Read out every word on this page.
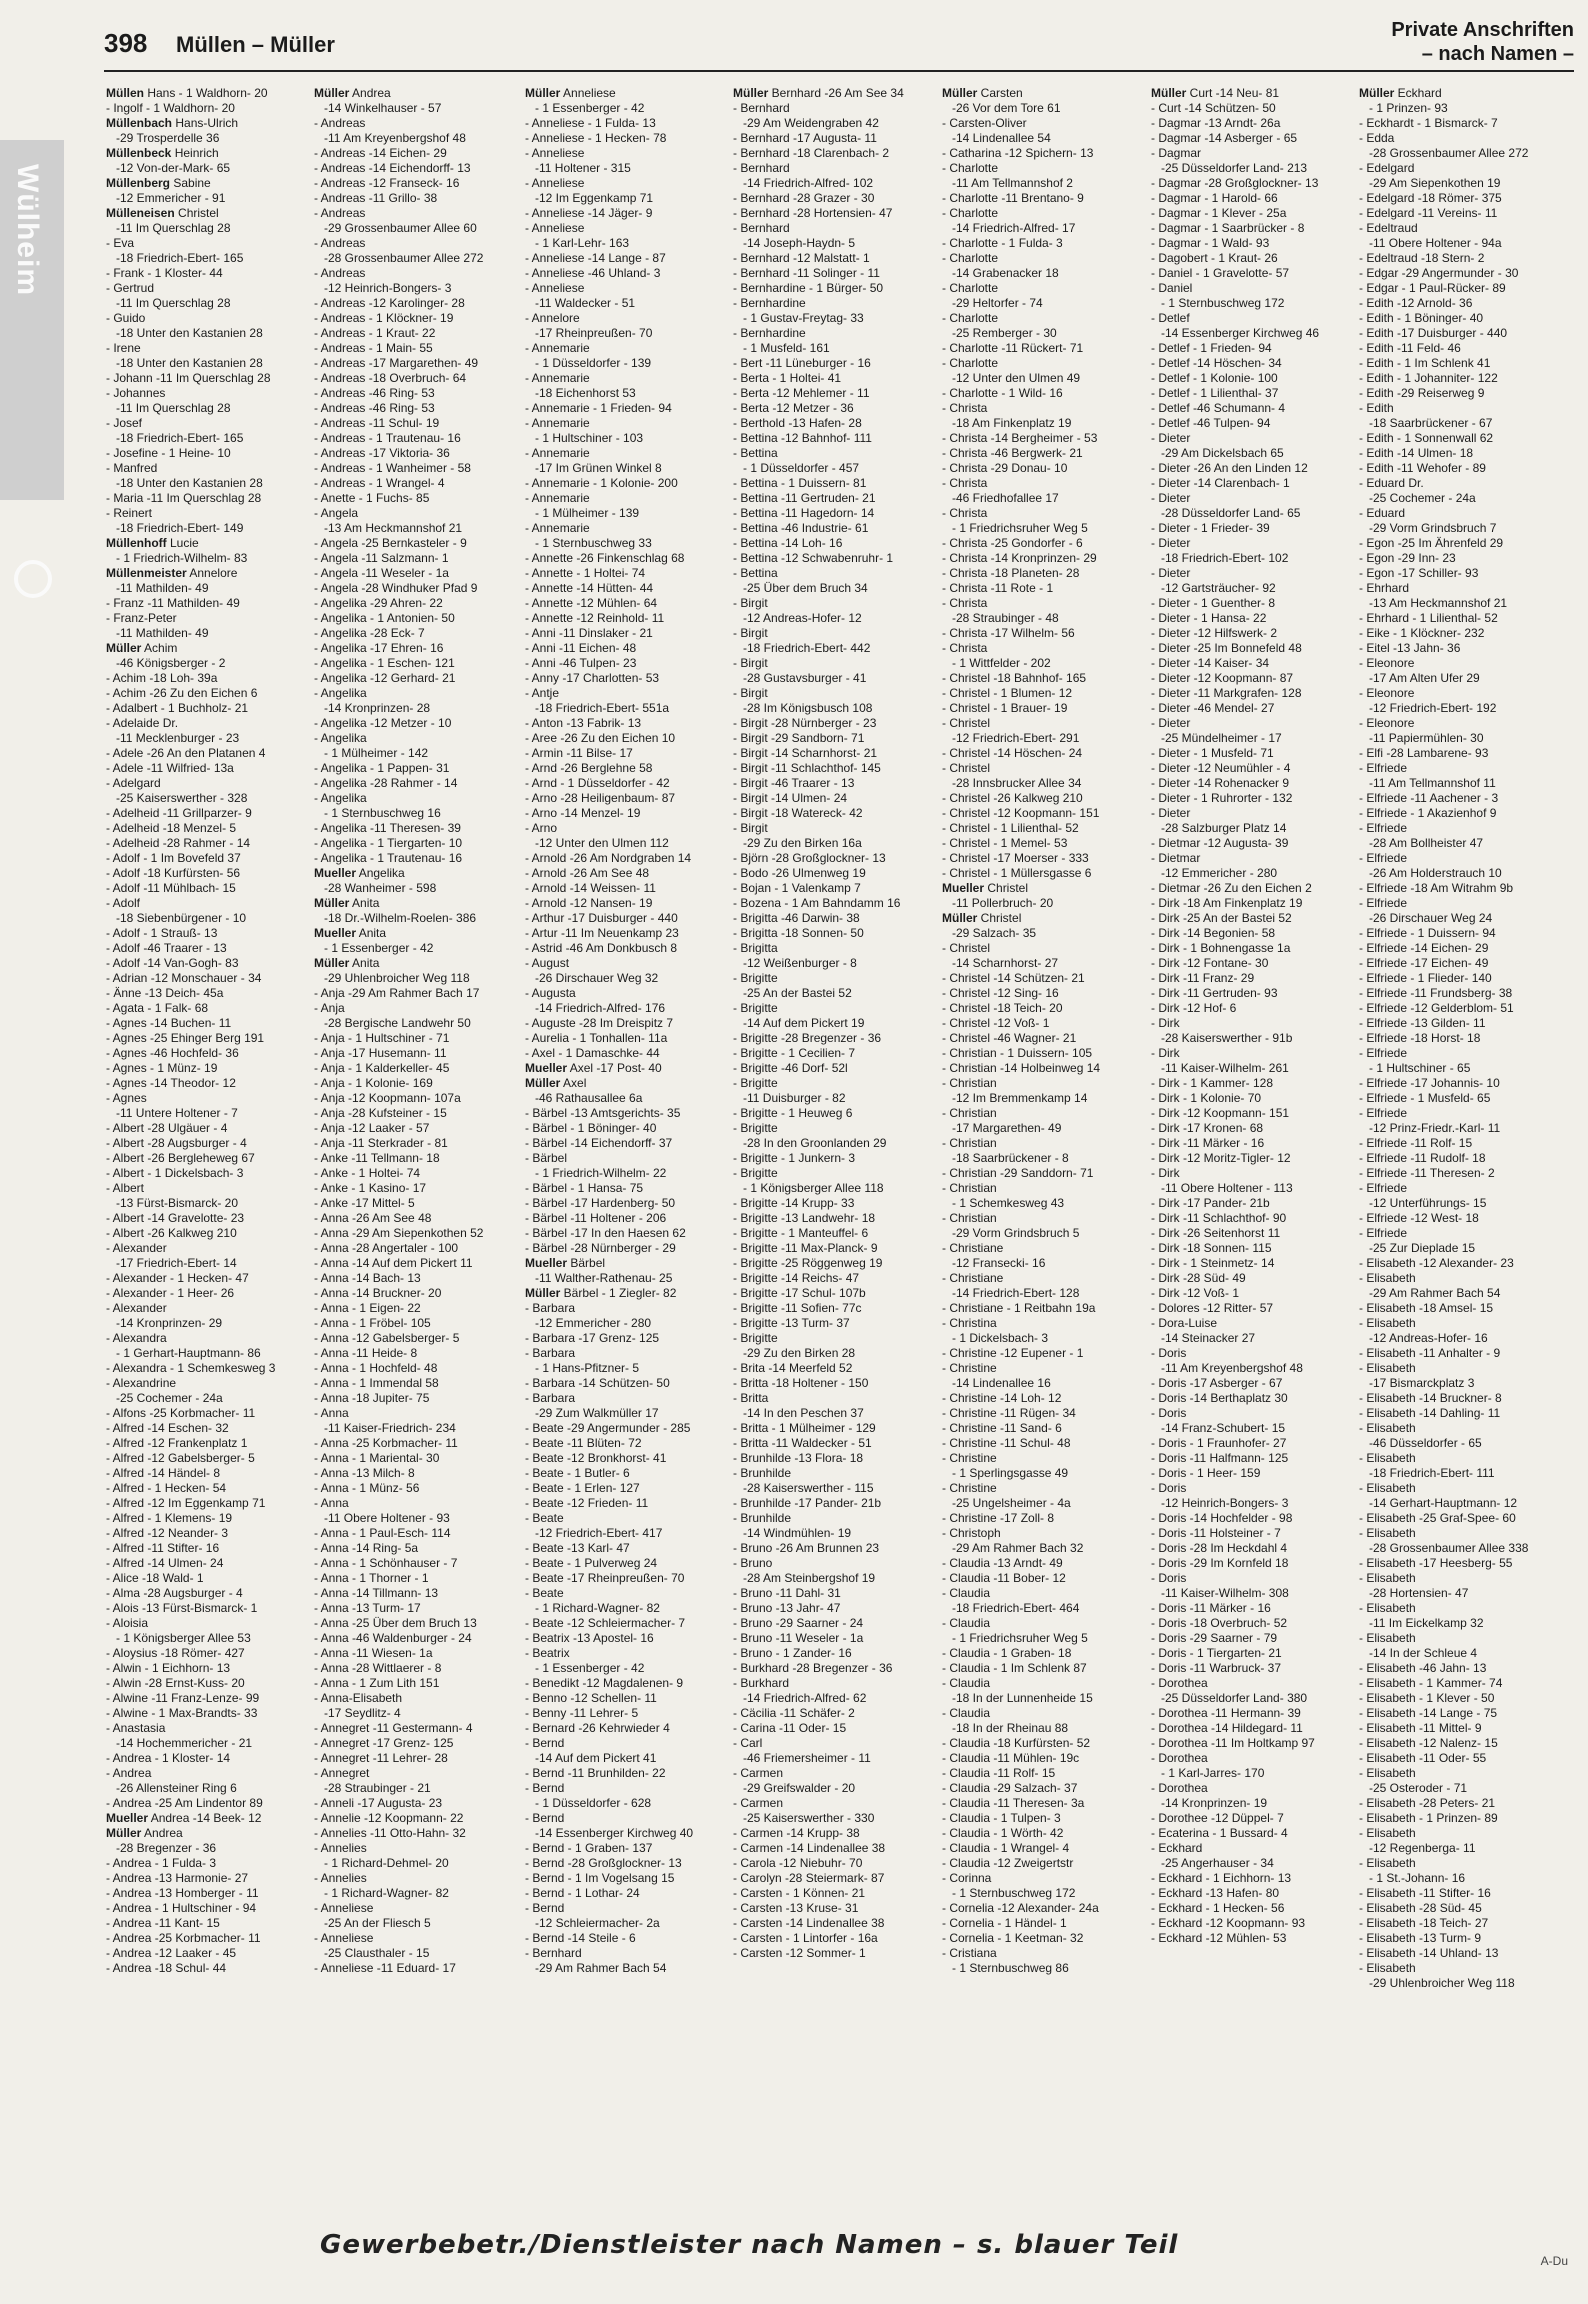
398 Müllen – Müller
Private Anschriften
– nach Namen –
Wülheim
Müllen Hans - 1 Waldhorn- 20
- Ingolf - 1 Waldhorn- 20
Müllenbach Hans-Ulrich
-29 Trosperdelle 36
Müllenbeck Heinrich
-12 Von-der-Mark- 65
Müllenberg Sabine
-12 Emmericher - 91
Mülleneisen Christel
-11 Im Querschlag 28
- Eva
-18 Friedrich-Ebert- 165
- Frank - 1 Kloster- 44
- Gertrud
-11 Im Querschlag 28
- Guido
-18 Unter den Kastanien 28
- Irene
-18 Unter den Kastanien 28
- Johann -11 Im Querschlag 28
- Johannes
-11 Im Querschlag 28
- Josef
-18 Friedrich-Ebert- 165
- Josefine - 1 Heine- 10
- Manfred
-18 Unter den Kastanien 28
- Maria -11 Im Querschlag 28
- Reinert
-18 Friedrich-Ebert- 149
Müllenhoff Lucie
- 1 Friedrich-Wilhelm- 83
Müllenmeister Annelore
-11 Mathilden- 49
- Franz -11 Mathilden- 49
- Franz-Peter
-11 Mathilden- 49
Müller Achim
-46 Königsberger - 2
- Achim -18 Loh- 39a
- Achim -26 Zu den Eichen 6
- Adalbert - 1 Buchholz- 21
- Adelaide Dr.
-11 Mecklenburger - 23
- Adele -26 An den Platanen 4
- Adele -11 Wilfried- 13a
- Adelgard
-25 Kaiserswerther - 328
- Adelheid -11 Grillparzer- 9
- Adelheid -18 Menzel- 5
- Adelheid -28 Rahmer - 14
- Adolf - 1 Im Bovefeld 37
- Adolf -18 Kurfürsten- 56
- Adolf -11 Mühlbach- 15
- Adolf
-18 Siebenbürgener - 10
- Adolf - 1 Strauß- 13
- Adolf -46 Traarer - 13
- Adolf -14 Van-Gogh- 83
- Adrian -12 Monschauer - 34
- Änne -13 Deich- 45a
- Agata - 1 Falk- 68
- Agnes -14 Buchen- 11
- Agnes -25 Ehinger Berg 191
- Agnes -46 Hochfeld- 36
- Agnes - 1 Münz- 19
- Agnes -14 Theodor- 12
- Agnes
-11 Untere Holtener - 7
- Albert -28 Ulgäuer - 4
- Albert -28 Augsburger - 4
- Albert -26 Bergleheweg 67
- Albert - 1 Dickelsbach- 3
- Albert
-13 Fürst-Bismarck- 20
- Albert -14 Gravelotte- 23
- Albert -26 Kalkweg 210
- Alexander
-17 Friedrich-Ebert- 14
- Alexander - 1 Hecken- 47
- Alexander - 1 Heer- 26
- Alexander
-14 Kronprinzen- 29
- Alexandra
- 1 Gerhart-Hauptmann- 86
- Alexandra - 1 Schemkesweg 3
- Alexandrine
-25 Cochemer - 24a
- Alfons -25 Korbmacher- 11
- Alfred -14 Eschen- 32
- Alfred -12 Frankenplatz 1
- Alfred -12 Gabelsberger- 5
- Alfred -14 Händel- 8
- Alfred - 1 Hecken- 54
- Alfred -12 Im Eggenkamp 71
- Alfred - 1 Klemens- 19
- Alfred -12 Neander- 3
- Alfred -11 Stifter- 16
- Alfred -14 Ulmen- 24
- Alice -18 Wald- 1
- Alma -28 Augsburger - 4
- Alois -13 Fürst-Bismarck- 1
- Aloisia
- 1 Königsberger Allee 53
- Aloysius -18 Römer- 427
- Alwin - 1 Eichhorn- 13
- Alwin -28 Ernst-Kuss- 20
- Alwine -11 Franz-Lenze- 99
- Alwine - 1 Max-Brandts- 33
- Anastasia
-14 Hochemmericher - 21
- Andrea - 1 Kloster- 14
- Andrea
-26 Allensteiner Ring 6
- Andrea -25 Am Lindentor 89
Mueller Andrea -14 Beek- 12
Müller Andrea
-28 Bregenzer - 36
- Andrea - 1 Fulda- 3
- Andrea -13 Harmonie- 27
- Andrea -13 Homberger - 11
- Andrea - 1 Hultschiner - 94
- Andrea -11 Kant- 15
- Andrea -25 Korbmacher- 11
- Andrea -12 Laaker - 45
- Andrea -18 Schul- 44
Müller Andrea
-14 Winkelhauser - 57
- Andreas
-11 Am Kreyenbergshof 48
- Andreas -14 Eichen- 29
- Andreas -14 Eichendorff- 13
- Andreas -12 Franseck- 16
- Andreas -11 Grillo- 38
- Andreas
-29 Grossenbaumer Allee 60
- Andreas
-28 Grossenbaumer Allee 272
- Andreas
-12 Heinrich-Bongers- 3
- Andreas -12 Karolinger- 28
- Andreas - 1 Klöckner- 19
- Andreas - 1 Kraut- 22
- Andreas - 1 Main- 55
- Andreas -17 Margarethen- 49
- Andreas -18 Overbruch- 64
- Andreas -46 Ring- 53
- Andreas -46 Ring- 53
- Andreas -11 Schul- 19
- Andreas - 1 Trautenau- 16
- Andreas -17 Viktoria- 36
- Andreas - 1 Wanheimer - 58
- Andreas - 1 Wrangel- 4
- Anette - 1 Fuchs- 85
- Angela
-13 Am Heckmannshof 21
- Angela -25 Bernkasteler - 9
- Angela -11 Salzmann- 1
- Angela -11 Weseler - 1a
- Angela -28 Windhuker Pfad 9
- Angelika -29 Ahren- 22
- Angelika - 1 Antonien- 50
- Angelika -28 Eck- 7
- Angelika -17 Ehren- 16
- Angelika - 1 Eschen- 121
- Angelika -12 Gerhard- 21
- Angelika
-14 Kronprinzen- 28
- Angelika -12 Metzer - 10
- Angelika
- 1 Mülheimer - 142
- Angelika - 1 Pappen- 31
- Angelika -28 Rahmer - 14
- Angelika
- 1 Sternbuschweg 16
- Angelika -11 Theresen- 39
- Angelika - 1 Tiergarten- 10
- Angelika - 1 Trautenau- 16
Mueller Angelika
-28 Wanheimer - 598
Müller Anita
-18 Dr.-Wilhelm-Roelen- 386
Mueller Anita
- 1 Essenberger - 42
Müller Anita
-29 Uhlenbroicher Weg 118
- Anja -29 Am Rahmer Bach 17
- Anja
-28 Bergische Landwehr 50
- Anja - 1 Hultschiner - 71
- Anja -17 Husemann- 11
- Anja - 1 Kalderkeller- 45
- Anja - 1 Kolonie- 169
- Anja -12 Koopmann- 107a
- Anja -28 Kufsteiner - 15
- Anja -12 Laaker - 57
- Anja -11 Sterkrader - 81
- Anke -11 Tellmann- 18
- Anke - 1 Holtei- 74
- Anke - 1 Kasino- 17
- Anke -17 Mittel- 5
- Anna -26 Am See 48
- Anna -29 Am Siepenkothen 52
- Anna -28 Angertaler - 100
- Anna -14 Auf dem Pickert 11
- Anna -14 Bach- 13
- Anna -14 Bruckner- 20
- Anna - 1 Eigen- 22
- Anna - 1 Fröbel- 105
- Anna -12 Gabelsberger- 5
- Anna -11 Heide- 8
- Anna - 1 Hochfeld- 48
- Anna - 1 Immendal 58
- Anna -18 Jupiter- 75
- Anna
-11 Kaiser-Friedrich- 234
- Anna -25 Korbmacher- 11
- Anna - 1 Mariental- 30
- Anna -13 Milch- 8
- Anna - 1 Münz- 56
- Anna
-11 Obere Holtener - 93
- Anna - 1 Paul-Esch- 114
- Anna -14 Ring- 5a
- Anna - 1 Schönhauser - 7
- Anna - 1 Thorner - 1
- Anna -14 Tillmann- 13
- Anna -13 Turm- 17
- Anna -25 Über dem Bruch 13
- Anna -46 Waldenburger - 24
- Anna -11 Wiesen- 1a
- Anna -28 Wittlaerer - 8
- Anna - 1 Zum Lith 151
- Anna-Elisabeth
-17 Seydlitz- 4
- Annegret -11 Gestermann- 4
- Annegret -17 Grenz- 125
- Annegret -11 Lehrer- 28
- Annegret
-28 Straubinger - 21
- Anneli -17 Augusta- 23
- Annelie -12 Koopmann- 22
- Annelies -11 Otto-Hahn- 32
- Annelies
- 1 Richard-Dehmel- 20
- Annelies
- 1 Richard-Wagner- 82
- Anneliese
-25 An der Fliesch 5
- Anneliese
-25 Clausthaler - 15
- Anneliese -11 Eduard- 17
Müller Anneliese
- 1 Essenberger - 42
- Anneliese - 1 Fulda- 13
- Anneliese - 1 Hecken- 78
- Anneliese
-11 Holtener - 315
- Anneliese
-12 Im Eggenkamp 71
- Anneliese -14 Jäger- 9
- Anneliese
- 1 Karl-Lehr- 163
- Anneliese -14 Lange - 87
- Anneliese -46 Uhland- 3
- Anneliese
-11 Waldecker - 51
- Annelore
-17 Rheinpreußen- 70
- Annemarie
- 1 Düsseldorfer - 139
- Annemarie
-18 Eichenhorst 53
- Annemarie - 1 Frieden- 94
- Annemarie
- 1 Hultschiner - 103
- Annemarie
-17 Im Grünen Winkel 8
- Annemarie - 1 Kolonie- 200
- Annemarie
- 1 Mülheimer - 139
- Annemarie
- 1 Sternbuschweg 33
- Annette -26 Finkenschlag 68
- Annette - 1 Holtei- 74
- Annette -14 Hütten- 44
- Annette -12 Mühlen- 64
- Annette -12 Reinhold- 11
- Anni -11 Dinslaker - 21
- Anni -11 Eichen- 48
- Anni -46 Tulpen- 23
- Anny -17 Charlotten- 53
- Antje
-18 Friedrich-Ebert- 551a
- Anton -13 Fabrik- 13
- Aree -26 Zu den Eichen 10
- Armin -11 Bilse- 17
- Arnd -26 Berglehne 58
- Arnd - 1 Düsseldorfer - 42
- Arno -28 Heiligenbaum- 87
- Arno -14 Menzel- 19
- Arno
-12 Unter den Ulmen 112
- Arnold -26 Am Nordgraben 14
- Arnold -26 Am See 48
- Arnold -14 Weissen- 11
- Arnold -12 Nansen- 19
- Arthur -17 Duisburger - 440
- Artur -11 Im Neuenkamp 23
- Astrid -46 Am Donkbusch 8
- August
-26 Dirschauer Weg 32
- Augusta
-14 Friedrich-Alfred- 176
- Auguste -28 Im Dreispitz 7
- Aurelia - 1 Tonhallen- 11a
- Axel - 1 Damaschke- 44
Mueller Axel -17 Post- 40
Müller Axel
-46 Rathausallee 6a
- Bärbel -13 Amtsgerichts- 35
- Bärbel - 1 Böninger- 40
- Bärbel -14 Eichendorff- 37
- Bärbel
- 1 Friedrich-Wilhelm- 22
- Bärbel - 1 Hansa- 75
- Bärbel -17 Hardenberg- 50
- Bärbel -11 Holtener - 206
- Bärbel -17 In den Haesen 62
- Bärbel -28 Nürnberger - 29
Mueller Bärbel
-11 Walther-Rathenau- 25
Müller Bärbel - 1 Ziegler- 82
- Barbara
-12 Emmericher - 280
- Barbara -17 Grenz- 125
- Barbara
- 1 Hans-Pfitzner- 5
- Barbara -14 Schützen- 50
- Barbara
-29 Zum Walkmüller 17
- Beate -29 Angermunder - 285
- Beate -11 Blüten- 72
- Beate -12 Bronkhorst- 41
- Beate - 1 Butler- 6
- Beate - 1 Erlen- 127
- Beate -12 Frieden- 11
- Beate
-12 Friedrich-Ebert- 417
- Beate -13 Karl- 47
- Beate - 1 Pulverweg 24
- Beate -17 Rheinpreußen- 70
- Beate
- 1 Richard-Wagner- 82
- Beate -12 Schleiermacher- 7
- Beatrix -13 Apostel- 16
- Beatrix
- 1 Essenberger - 42
- Benedikt -12 Magdalenen- 9
- Benno -12 Schellen- 11
- Benny -11 Lehrer- 5
- Bernard -26 Kehrwieder 4
- Bernd
-14 Auf dem Pickert 41
- Bernd -11 Brunhilden- 22
- Bernd
- 1 Düsseldorfer - 628
- Bernd
-14 Essenberger Kirchweg 40
- Bernd - 1 Graben- 137
- Bernd -28 Großglockner- 13
- Bernd - 1 Im Vogelsang 15
- Bernd - 1 Lothar- 24
- Bernd
-12 Schleiermacher- 2a
- Bernd -14 Steile - 6
- Bernhard
-29 Am Rahmer Bach 54
Müller Bernhard -26 Am See 34
- Bernhard
-29 Am Weidengraben 42
- Bernhard -17 Augusta- 11
- Bernhard -18 Clarenbach- 2
- Bernhard
-14 Friedrich-Alfred- 102
- Bernhard -28 Grazer - 30
- Bernhard -28 Hortensien- 47
- Bernhard
-14 Joseph-Haydn- 5
- Bernhard -12 Malstatt- 1
- Bernhard -11 Solinger - 11
- Bernhardine - 1 Bürger- 50
- Bernhardine
- 1 Gustav-Freytag- 33
- Bernhardine
- 1 Musfeld- 161
- Bert -11 Lüneburger - 16
- Berta - 1 Holtei- 41
- Berta -12 Mehlemer - 11
- Berta -12 Metzer - 36
- Berthold -13 Hafen- 28
- Bettina -12 Bahnhof- 111
- Bettina
- 1 Düsseldorfer - 457
- Bettina - 1 Duissern- 81
- Bettina -11 Gertruden- 21
- Bettina -11 Hagedorn- 14
- Bettina -46 Industrie- 61
- Bettina -14 Loh- 16
- Bettina -12 Schwabenruhr- 1
- Bettina
-25 Über dem Bruch 34
- Birgit
-12 Andreas-Hofer- 12
- Birgit
-18 Friedrich-Ebert- 442
- Birgit
-28 Gustavsburger - 41
- Birgit
-28 Im Königsbusch 108
- Birgit -28 Nürnberger - 23
- Birgit -29 Sandborn- 71
- Birgit -14 Scharnhorst- 21
- Birgit -11 Schlachthof- 145
- Birgit -46 Traarer - 13
- Birgit -14 Ulmen- 24
- Birgit -18 Watereck- 42
- Birgit
-29 Zu den Birken 16a
- Björn -28 Großglockner- 13
- Bodo -26 Ulmenweg 19
- Bojan - 1 Valenkamp 7
- Bozena - 1 Am Bahndamm 16
- Brigitta -46 Darwin- 38
- Brigitta -18 Sonnen- 50
- Brigitta
-12 Weißenburger - 8
- Brigitte
-25 An der Bastei 52
- Brigitte
-14 Auf dem Pickert 19
- Brigitte -28 Bregenzer - 36
- Brigitte - 1 Cecilien- 7
- Brigitte -46 Dorf- 52l
- Brigitte
-11 Duisburger - 82
- Brigitte - 1 Heuweg 6
- Brigitte
-28 In den Groonlanden 29
- Brigitte - 1 Junkern- 3
- Brigitte
- 1 Königsberger Allee 118
- Brigitte -14 Krupp- 33
- Brigitte -13 Landwehr- 18
- Brigitte - 1 Manteuffel- 6
- Brigitte -11 Max-Planck- 9
- Brigitte -25 Röggenweg 19
- Brigitte -14 Reichs- 47
- Brigitte -17 Schul- 107b
- Brigitte -11 Sofien- 77c
- Brigitte -13 Turm- 37
- Brigitte
-29 Zu den Birken 28
- Brita -14 Meerfeld 52
- Britta -18 Holtener - 150
- Britta
-14 In den Peschen 37
- Britta - 1 Mülheimer - 129
- Britta -11 Waldecker - 51
- Brunhilde -13 Flora- 18
- Brunhilde
-28 Kaiserswerther - 115
- Brunhilde -17 Pander- 21b
- Brunhilde
-14 Windmühlen- 19
- Bruno -26 Am Brunnen 23
- Bruno
-28 Am Steinbergshof 19
- Bruno -11 Dahl- 31
- Bruno -13 Jahr- 47
- Bruno -29 Saarner - 24
- Bruno -11 Weseler - 1a
- Bruno - 1 Zander- 16
- Burkhard -28 Bregenzer - 36
- Burkhard
-14 Friedrich-Alfred- 62
- Cäcilia -11 Schäfer- 2
- Carina -11 Oder- 15
- Carl
-46 Friemersheimer - 11
- Carmen
-29 Greifswalder - 20
- Carmen
-25 Kaiserswerther - 330
- Carmen -14 Krupp- 38
- Carmen -14 Lindenallee 38
- Carola -12 Niebuhr- 70
- Carolyn -28 Steiermark- 87
- Carsten - 1 Können- 21
- Carsten -13 Kruse- 31
- Carsten -14 Lindenallee 38
- Carsten - 1 Lintorfer - 16a
- Carsten -12 Sommer- 1
Müller Carsten
-26 Vor dem Tore 61
- Carsten-Oliver
-14 Lindenallee 54
- Catharina -12 Spichern- 13
- Charlotte
-11 Am Tellmannshof 2
- Charlotte -11 Brentano- 9
- Charlotte
-14 Friedrich-Alfred- 17
- Charlotte - 1 Fulda- 3
- Charlotte
-14 Grabenacker 18
- Charlotte
-29 Heltorfer - 74
- Charlotte
-25 Remberger - 30
- Charlotte -11 Rückert- 71
- Charlotte
-12 Unter den Ulmen 49
- Charlotte - 1 Wild- 16
- Christa
-18 Am Finkenplatz 19
- Christa -14 Bergheimer - 53
- Christa -46 Bergwerk- 21
- Christa -29 Donau- 10
- Christa
-46 Friedhofallee 17
- Christa
- 1 Friedrichsruher Weg 5
- Christa -25 Gondorfer - 6
- Christa -14 Kronprinzen- 29
- Christa -18 Planeten- 28
- Christa -11 Rote - 1
- Christa
-28 Straubinger - 48
- Christa -17 Wilhelm- 56
- Christa
- 1 Wittfelder - 202
- Christel -18 Bahnhof- 165
- Christel - 1 Blumen- 12
- Christel - 1 Brauer- 19
- Christel
-12 Friedrich-Ebert- 291
- Christel -14 Höschen- 24
- Christel
-28 Innsbrucker Allee 34
- Christel -26 Kalkweg 210
- Christel -12 Koopmann- 151
- Christel - 1 Lilienthal- 52
- Christel - 1 Memel- 53
- Christel -17 Moerser - 333
- Christel - 1 Müllersgasse 6
Mueller Christel
-11 Pollerbruch- 20
Müller Christel
-29 Salzach- 35
- Christel
-14 Scharnhorst- 27
- Christel -14 Schützen- 21
- Christel -12 Sing- 16
- Christel -18 Teich- 20
- Christel -12 Voß- 1
- Christel -46 Wagner- 21
- Christian - 1 Duissern- 105
- Christian -14 Holbeinweg 14
- Christian
-12 Im Bremmenkamp 14
- Christian
-17 Margarethen- 49
- Christian
-18 Saarbrückener - 8
- Christian -29 Sanddorn- 71
- Christian
- 1 Schemkesweg 43
- Christian
-29 Vorm Grindsbruch 5
- Christiane
-12 Fransecki- 16
- Christiane
-14 Friedrich-Ebert- 128
- Christiane - 1 Reitbahn 19a
- Christina
- 1 Dickelsbach- 3
- Christine -12 Eupener - 1
- Christine
-14 Lindenallee 16
- Christine -14 Loh- 12
- Christine -11 Rügen- 34
- Christine -11 Sand- 6
- Christine -11 Schul- 48
- Christine
- 1 Sperlingsgasse 49
- Christine
-25 Ungelsheimer - 4a
- Christine -17 Zoll- 8
- Christoph
-29 Am Rahmer Bach 32
- Claudia -13 Arndt- 49
- Claudia -11 Bober- 12
- Claudia
-18 Friedrich-Ebert- 464
- Claudia
- 1 Friedrichsruher Weg 5
- Claudia - 1 Graben- 18
- Claudia - 1 Im Schlenk 87
- Claudia
-18 In der Lunnenheide 15
- Claudia
-18 In der Rheinau 88
- Claudia -18 Kurfürsten- 52
- Claudia -11 Mühlen- 19c
- Claudia -11 Rolf- 15
- Claudia -29 Salzach- 37
- Claudia -11 Theresen- 3a
- Claudia - 1 Tulpen- 3
- Claudia - 1 Wörth- 42
- Claudia - 1 Wrangel- 4
- Claudia -12 Zweigertstr
- Corinna
- 1 Sternbuschweg 172
- Cornelia -12 Alexander- 24a
- Cornelia - 1 Händel- 1
- Cornelia - 1 Keetman- 32
- Cristiana
- 1 Sternbuschweg 86
Müller Curt -14 Neu- 81
- Curt -14 Schützen- 50
- Dagmar -13 Arndt- 26a
- Dagmar -14 Asberger - 65
- Dagmar
-25 Düsseldorfer Land- 213
- Dagmar -28 Großglockner- 13
- Dagmar - 1 Harold- 66
- Dagmar - 1 Klever - 25a
- Dagmar - 1 Saarbrücker - 8
- Dagmar - 1 Wald- 93
- Dagobert - 1 Kraut- 26
- Daniel - 1 Gravelotte- 57
- Daniel
- 1 Sternbuschweg 172
- Detlef
-14 Essenberger Kirchweg 46
- Detlef - 1 Frieden- 94
- Detlef -14 Höschen- 34
- Detlef - 1 Kolonie- 100
- Detlef - 1 Lilienthal- 37
- Detlef -46 Schumann- 4
- Detlef -46 Tulpen- 94
- Dieter
-29 Am Dickelsbach 65
- Dieter -26 An den Linden 12
- Dieter -14 Clarenbach- 1
- Dieter
-28 Düsseldorfer Land- 65
- Dieter - 1 Frieder- 39
- Dieter
-18 Friedrich-Ebert- 102
- Dieter
-12 Gartsträucher- 92
- Dieter - 1 Guenther- 8
- Dieter - 1 Hansa- 22
- Dieter -12 Hilfswerk- 2
- Dieter -25 Im Bonnefeld 48
- Dieter -14 Kaiser- 34
- Dieter -12 Koopmann- 87
- Dieter -11 Markgrafen- 128
- Dieter -46 Mendel- 27
- Dieter
-25 Mündelheimer - 17
- Dieter - 1 Musfeld- 71
- Dieter -12 Neumühler - 4
- Dieter -14 Rohenacker 9
- Dieter - 1 Ruhrorter - 132
- Dieter
-28 Salzburger Platz 14
- Dietmar -12 Augusta- 39
- Dietmar
-12 Emmericher - 280
- Dietmar -26 Zu den Eichen 2
- Dirk -18 Am Finkenplatz 19
- Dirk -25 An der Bastei 52
- Dirk -14 Begonien- 58
- Dirk - 1 Bohnengasse 1a
- Dirk -12 Fontane- 30
- Dirk -11 Franz- 29
- Dirk -11 Gertruden- 93
- Dirk -12 Hof- 6
- Dirk
-28 Kaiserswerther - 91b
- Dirk
-11 Kaiser-Wilhelm- 261
- Dirk - 1 Kammer- 128
- Dirk - 1 Kolonie- 70
- Dirk -12 Koopmann- 151
- Dirk -17 Kronen- 68
- Dirk -11 Märker - 16
- Dirk -12 Moritz-Tigler- 12
- Dirk
-11 Obere Holtener - 113
- Dirk -17 Pander- 21b
- Dirk -11 Schlachthof- 90
- Dirk -26 Seitenhorst 11
- Dirk -18 Sonnen- 115
- Dirk - 1 Steinmetz- 14
- Dirk -28 Süd- 49
- Dirk -12 Voß- 1
- Dolores -12 Ritter- 57
- Dora-Luise
-14 Steinacker 27
- Doris
-11 Am Kreyenbergshof 48
- Doris -17 Asberger - 67
- Doris -14 Berthaplatz 30
- Doris
-14 Franz-Schubert- 15
- Doris - 1 Fraunhofer- 27
- Doris -11 Halfmann- 125
- Doris - 1 Heer- 159
- Doris
-12 Heinrich-Bongers- 3
- Doris -14 Hochfelder - 98
- Doris -11 Holsteiner - 7
- Doris -28 Im Heckdahl 4
- Doris -29 Im Kornfeld 18
- Doris
-11 Kaiser-Wilhelm- 308
- Doris -11 Märker - 16
- Doris -18 Overbruch- 52
- Doris -29 Saarner - 79
- Doris - 1 Tiergarten- 21
- Doris -11 Warbruck- 37
- Dorothea
-25 Düsseldorfer Land- 380
- Dorothea -11 Hermann- 39
- Dorothea -14 Hildegard- 11
- Dorothea -11 Im Holtkamp 97
- Dorothea
- 1 Karl-Jarres- 170
- Dorothea
-14 Kronprinzen- 19
- Dorothee -12 Düppel- 7
- Ecaterina - 1 Bussard- 4
- Eckhard
-25 Angerhauser - 34
- Eckhard - 1 Eichhorn- 13
- Eckhard -13 Hafen- 80
- Eckhard - 1 Hecken- 56
- Eckhard -12 Koopmann- 93
- Eckhard -12 Mühlen- 53
Müller Eckhard
- 1 Prinzen- 93
- Eckhardt - 1 Bismarck- 7
- Edda
-28 Grossenbaumer Allee 272
- Edelgard
-29 Am Siepenkothen 19
- Edelgard -18 Römer- 375
- Edelgard -11 Vereins- 11
- Edeltraud
-11 Obere Holtener - 94a
- Edeltraud -18 Stern- 2
- Edgar -29 Angermunder - 30
- Edgar - 1 Paul-Rücker- 89
- Edith -12 Arnold- 36
- Edith - 1 Böninger- 40
- Edith -17 Duisburger - 440
- Edith -11 Feld- 46
- Edith - 1 Im Schlenk 41
- Edith - 1 Johanniter- 122
- Edith -29 Reiserweg 9
- Edith
-18 Saarbrückener - 67
- Edith - 1 Sonnenwall 62
- Edith -14 Ulmen- 18
- Edith -11 Wehofer - 89
- Eduard Dr.
-25 Cochemer - 24a
- Eduard
-29 Vorm Grindsbruch 7
- Egon -25 Im Ährenfeld 29
- Egon -29 Inn- 23
- Egon -17 Schiller- 93
- Ehrhard
-13 Am Heckmannshof 21
- Ehrhard - 1 Lilienthal- 52
- Eike - 1 Klöckner- 232
- Eitel -13 Jahn- 36
- Eleonore
-17 Am Alten Ufer 29
- Eleonore
-12 Friedrich-Ebert- 192
- Eleonore
-11 Papiermühlen- 30
- Elfi -28 Lambarene- 93
- Elfriede
-11 Am Tellmannshof 11
- Elfriede -11 Aachener - 3
- Elfriede - 1 Akazienhof 9
- Elfriede
-28 Am Bollheister 47
- Elfriede
-26 Am Holderstrauch 10
- Elfriede -18 Am Witrahm 9b
- Elfriede
-26 Dirschauer Weg 24
- Elfriede - 1 Duissern- 94
- Elfriede -14 Eichen- 29
- Elfriede -17 Eichen- 49
- Elfriede - 1 Flieder- 140
- Elfriede -11 Frundsberg- 38
- Elfriede -12 Gelderblom- 51
- Elfriede -13 Gilden- 11
- Elfriede -18 Horst- 18
- Elfriede
- 1 Hultschiner - 65
- Elfriede -17 Johannis- 10
- Elfriede - 1 Musfeld- 65
- Elfriede
-12 Prinz-Friedr.-Karl- 11
- Elfriede -11 Rolf- 15
- Elfriede -11 Rudolf- 18
- Elfriede -11 Theresen- 2
- Elfriede
-12 Unterführungs- 15
- Elfriede -12 West- 18
- Elfriede
-25 Zur Dieplade 15
- Elisabeth -12 Alexander- 23
- Elisabeth
-29 Am Rahmer Bach 54
- Elisabeth -18 Amsel- 15
- Elisabeth
-12 Andreas-Hofer- 16
- Elisabeth -11 Anhalter - 9
- Elisabeth
-17 Bismarckplatz 3
- Elisabeth -14 Bruckner- 8
- Elisabeth -14 Dahling- 11
- Elisabeth
-46 Düsseldorfer - 65
- Elisabeth
-18 Friedrich-Ebert- 111
- Elisabeth
-14 Gerhart-Hauptmann- 12
- Elisabeth -25 Graf-Spee- 60
- Elisabeth
-28 Grossenbaumer Allee 338
- Elisabeth -17 Heesberg- 55
- Elisabeth
-28 Hortensien- 47
- Elisabeth
-11 Im Eickelkamp 32
- Elisabeth
-14 In der Schleue 4
- Elisabeth -46 Jahn- 13
- Elisabeth - 1 Kammer- 74
- Elisabeth - 1 Klever - 50
- Elisabeth -14 Lange - 75
- Elisabeth -11 Mittel- 9
- Elisabeth -12 Nalenz- 15
- Elisabeth -11 Oder- 55
- Elisabeth
-25 Osteroder - 71
- Elisabeth -28 Peters- 21
- Elisabeth - 1 Prinzen- 89
- Elisabeth
-12 Regenberga- 11
- Elisabeth
- 1 St.-Johann- 16
- Elisabeth -11 Stifter- 16
- Elisabeth -28 Süd- 45
- Elisabeth -18 Teich- 27
- Elisabeth -13 Turm- 9
- Elisabeth -14 Uhland- 13
- Elisabeth
-29 Uhlenbroicher Weg 118
Gewerbebetr./Dienstleister nach Namen – s. blauer Teil
A-Du
